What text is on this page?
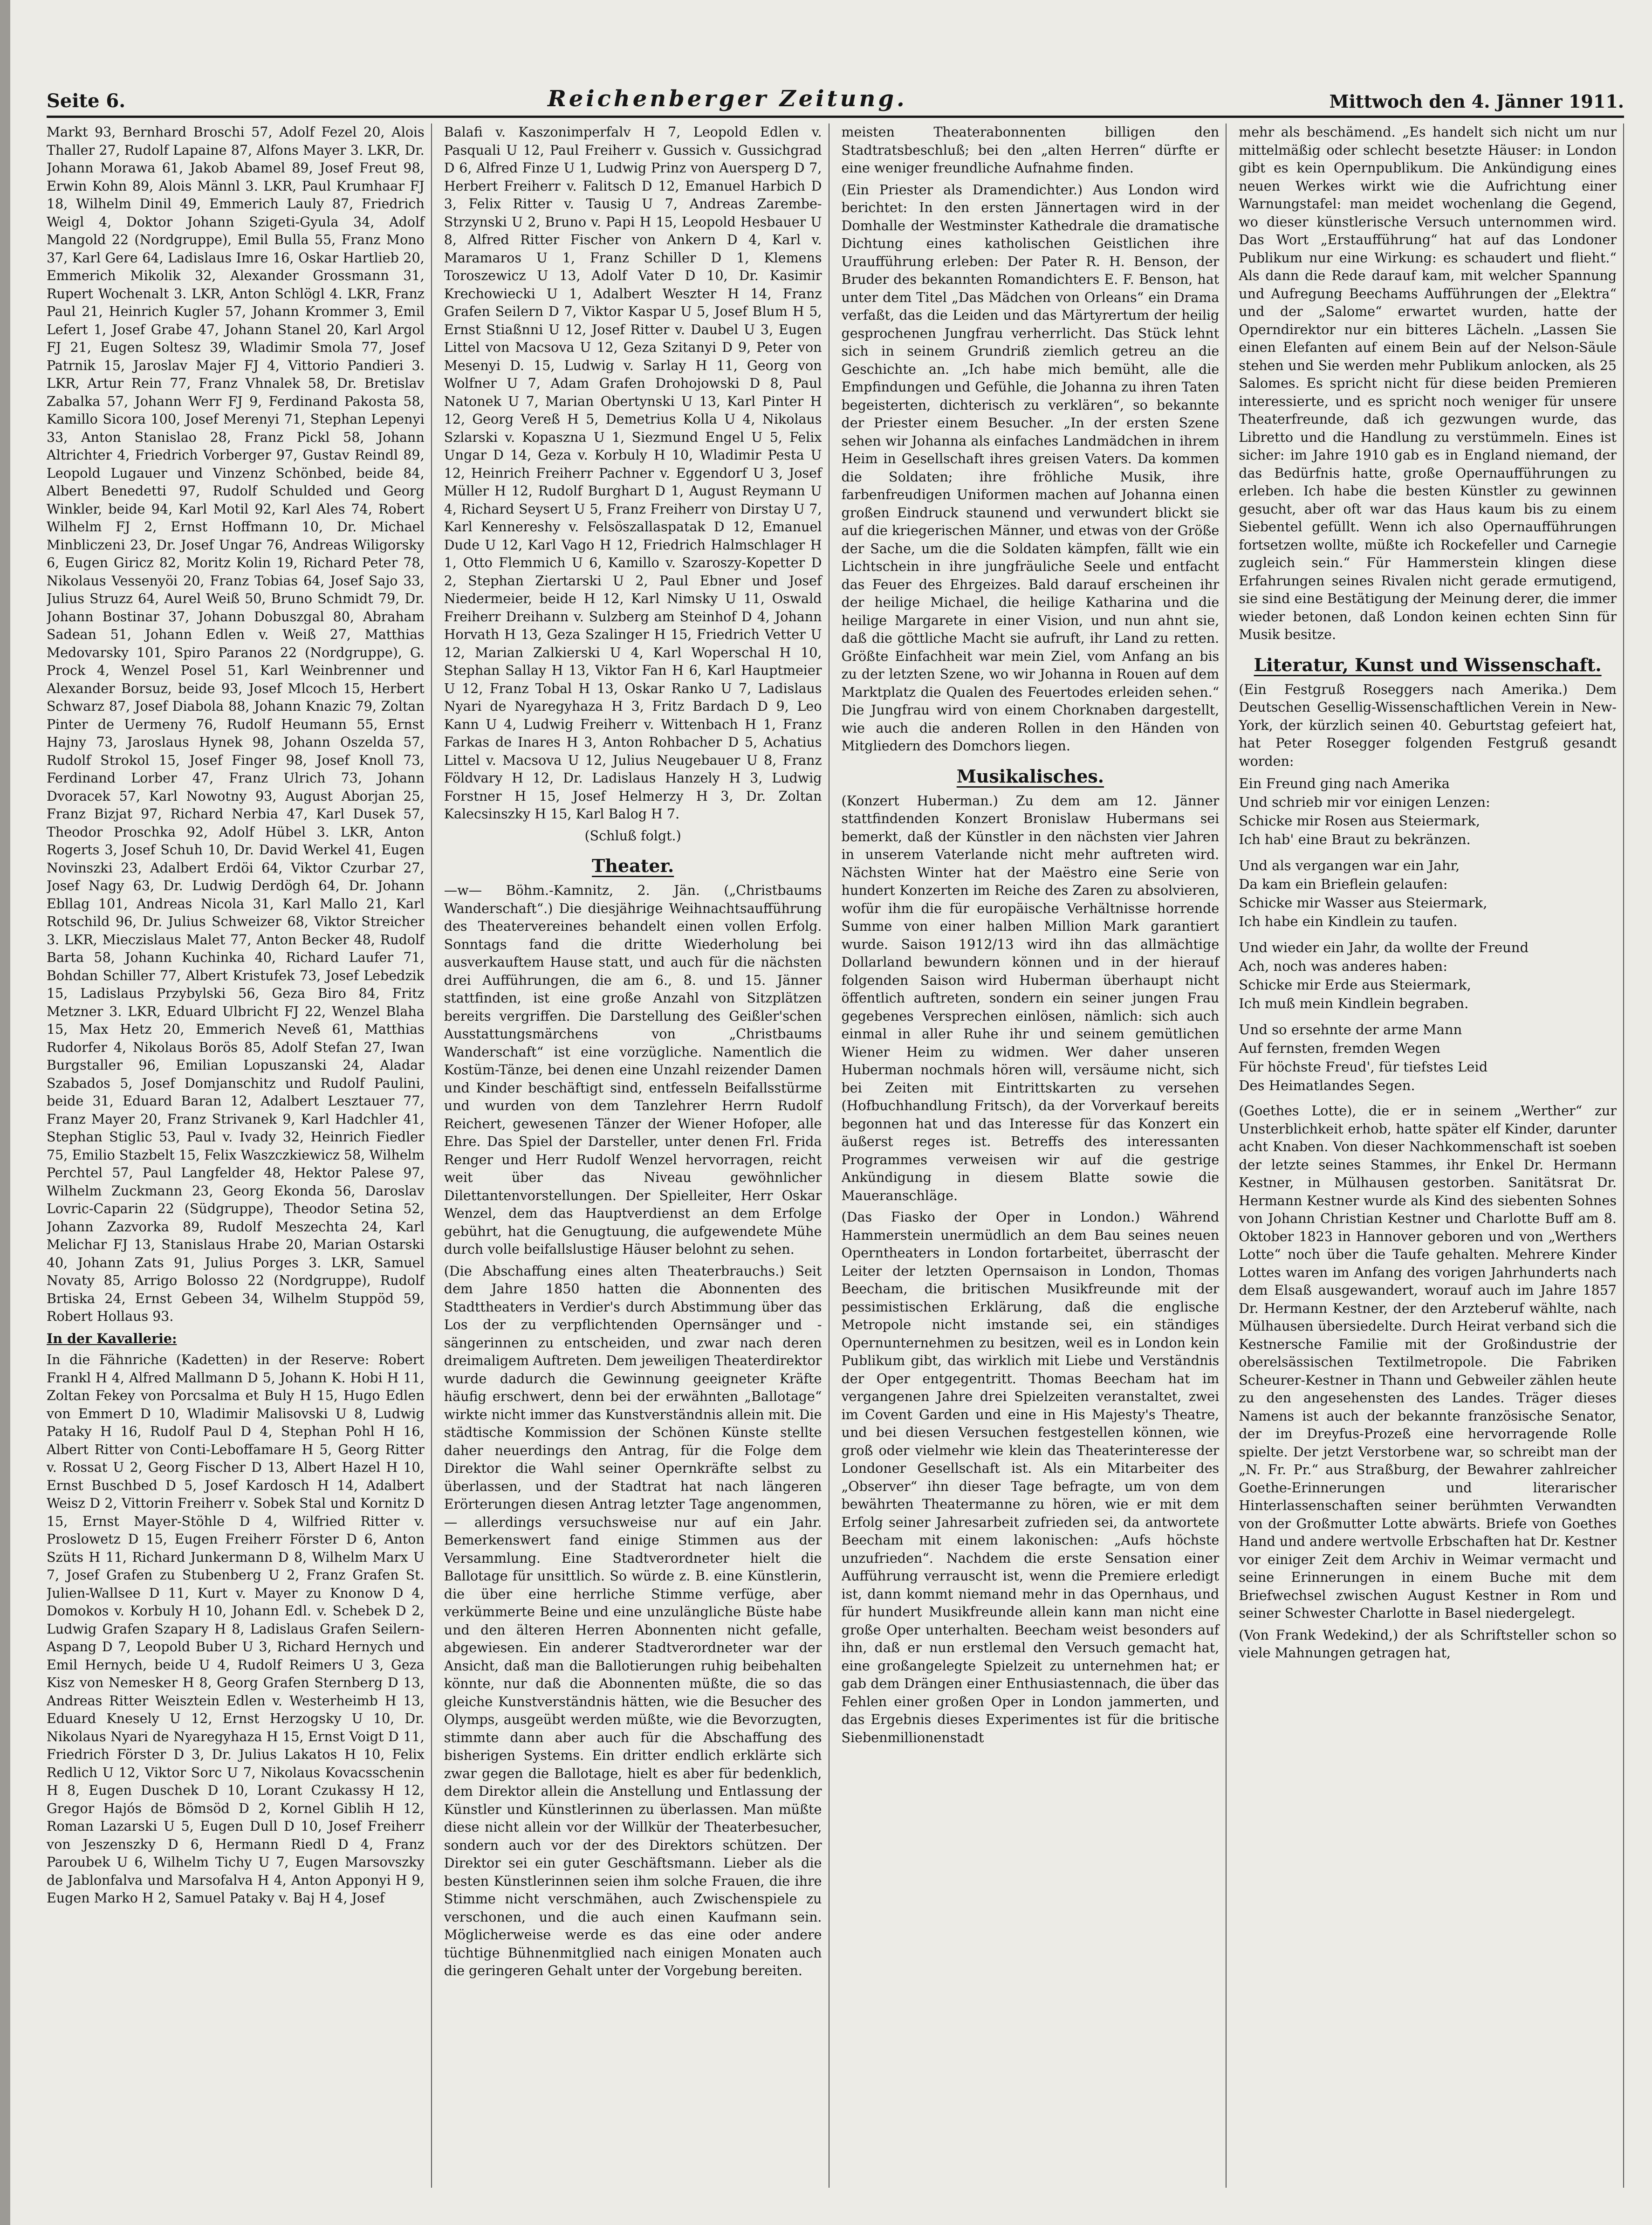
Seite 6.	Reichenberger Zeitung.	Mittwoch den 4. Jänner 1911.

Markt 93, Bernhard Broschi 57, Adolf Fezel 20, Alois Thaller 27, Rudolf Lapaine 87, Alfons Mayer 3. LKR, Dr. Johann Morawa 61, Jakob Abamel 89, Josef Freut 98, Erwin Kohn 89, Alois Männl 3. LKR, Paul Krumhaar FJ 18, Wilhelm Dinil 49, Emmerich Lauly 87, Friedrich Weigl 4, Doktor Johann Szigeti-Gyula 34, Adolf Mangold 22 (Nordgruppe), Emil Bulla 55, Franz Mono 37, Karl Gere 64, Ladislaus Imre 16, Oskar Hartlieb 20, Emmerich Mikolik 32, Alexander Grossmann 31, Rupert Wochenalt 3. LKR, Anton Schlögl 4. LKR, Franz Paul 21, Heinrich Kugler 57, Johann Krommer 3, Emil Lefert 1, Josef Grabe 47, Johann Stanel 20, Karl Argol FJ 21, Eugen Soltesz 39, Wladimir Smola 77, Josef Patrnik 15, Jaroslav Majer FJ 4, Vittorio Pandieri 3. LKR, Artur Rein 77, Franz Vhnalek 58, Dr. Bretislav Zabalka 57, Johann Werr FJ 9, Ferdinand Pakosta 58, Kamillo Sicora 100, Josef Merenyi 71, Stephan Lepenyi 33, Anton Stanislao 28, Franz Pickl 58, Johann Altrichter 4, Friedrich Vorberger 97, Gustav Reindl 89, Leopold Lugauer und Vinzenz Schönbed, beide 84, Albert Benedetti 97, Rudolf Schulded und Georg Winkler, beide 94, Karl Motil 92, Karl Ales 74, Robert Wilhelm FJ 2, Ernst Hoffmann 10, Dr. Michael Minbliczeni 23, Dr. Josef Ungar 76, Andreas Wiligorsky 6, Eugen Giricz 82, Moritz Kolin 19, Richard Peter 78, Nikolaus Vessenyöi 20, Franz Tobias 64, Josef Sajo 33, Julius Struzz 64, Aurel Weiß 50, Bruno Schmidt 79, Dr. Johann Bostinar 37, Johann Dobuszgal 80, Abraham Sadean 51, Johann Edlen v. Weiß 27, Matthias Medovarsky 101, Spiro Paranos 22 (Nordgruppe), G. Prock 4, Wenzel Posel 51, Karl Weinbrenner und Alexander Borsuz, beide 93, Josef Mlcoch 15, Herbert Schwarz 87, Josef Diabola 88, Johann Knazic 79, Zoltan Pinter de Uermeny 76, Rudolf Heumann 55, Ernst Hajny 73, Jaroslaus Hynek 98, Johann Oszelda 57, Rudolf Strokol 15, Josef Finger 98, Josef Knoll 73, Ferdinand Lorber 47, Franz Ulrich 73, Johann Dvoracek 57, Karl Nowotny 93, August Aborjan 25, Franz Bizjat 97, Richard Nerbia 47, Karl Dusek 57, Theodor Proschka 92, Adolf Hübel 3. LKR, Anton Rogerts 3, Josef Schuh 10, Dr. David Werkel 41, Eugen Novinszki 23, Adalbert Erdöi 64, Viktor Czurbar 27, Josef Nagy 63, Dr. Ludwig Derdögh 64, Dr. Johann Ebllag 101, Andreas Nicola 31, Karl Mallo 21, Karl Rotschild 96, Dr. Julius Schweizer 68, Viktor Streicher 3. LKR, Mieczislaus Malet 77, Anton Becker 48, Rudolf Barta 58, Johann Kuchinka 40, Richard Laufer 71, Bohdan Schiller 77, Albert Kristufek 73, Josef Lebedzik 15, Ladislaus Przybylski 56, Geza Biro 84, Fritz Metzner 3. LKR, Eduard Ulbricht FJ 22, Wenzel Blaha 15, Max Hetz 20, Emmerich Neveß 61, Matthias Rudorfer 4, Nikolaus Borös 85, Adolf Stefan 27, Iwan Burgstaller 96, Emilian Lopuszanski 24, Aladar Szabados 5, Josef Domjanschitz und Rudolf Paulini, beide 31, Eduard Baran 12, Adalbert Lesztauer 77, Franz Mayer 20, Franz Strivanek 9, Karl Hadchler 41, Stephan Stiglic 53, Paul v. Ivady 32, Heinrich Fiedler 75, Emilio Stazbelt 15, Felix Waszczkiewicz 58, Wilhelm Perchtel 57, Paul Langfelder 48, Hektor Palese 97, Wilhelm Zuckmann 23, Georg Ekonda 56, Daroslav Lovric-Caparin 22 (Südgruppe), Theodor Setina 52, Johann Zazvorka 89, Rudolf Meszechta 24, Karl Melichar FJ 13, Stanislaus Hrabe 20, Marian Ostarski 40, Johann Zats 91, Julius Porges 3. LKR, Samuel Novaty 85, Arrigo Bolosso 22 (Nordgruppe), Rudolf Brtiska 24, Ernst Gebeen 34, Wilhelm Stuppöd 59, Robert Hollaus 93.

In der Kavallerie:

In die Fähnriche (Kadetten) in der Reserve: Robert Frankl H 4, Alfred Mallmann D 5, Johann K. Hobi H 11, Zoltan Fekey von Porcsalma et Buly H 15, Hugo Edlen von Emmert D 10, Wladimir Malisovski U 8, Ludwig Pataky H 16, Rudolf Paul D 4, Stephan Pohl H 16, Albert Ritter von Conti-Leboffamare H 5, Georg Ritter v. Rossat U 2, Georg Fischer D 13, Albert Hazel H 10, Ernst Buschbed D 5, Josef Kardosch H 14, Adalbert Weisz D 2, Vittorin Freiherr v. Sobek Stal und Kornitz D 15, Ernst Mayer-Stöhle D 4, Wilfried Ritter v. Proslowetz D 15, Eugen Freiherr Förster D 6, Anton Szüts H 11, Richard Junkermann D 8, Wilhelm Marx U 7, Josef Grafen zu Stubenberg U 2, Franz Grafen St. Julien-Wallsee D 11, Kurt v. Mayer zu Knonow D 4, Domokos v. Korbuly H 10, Johann Edl. v. Schebek D 2, Ludwig Grafen Szapary H 8, Ladislaus Grafen Seilern-Aspang D 7, Leopold Buber U 3, Richard Hernych und Emil Hernych, beide U 4, Rudolf Reimers U 3, Geza Kisz von Nemesker H 8, Georg Grafen Sternberg D 13, Andreas Ritter Weisztein Edlen v. Westerheimb H 13, Eduard Knesely U 12, Ernst Herzogsky U 10, Dr. Nikolaus Nyari de Nyaregyhaza H 15, Ernst Voigt D 11, Friedrich Förster D 3, Dr. Julius Lakatos H 10, Felix Redlich U 12, Viktor Sorc U 7, Nikolaus Kovacsschenin H 8, Eugen Duschek D 10, Lorant Czukassy H 12, Gregor Hajós de Bömsöd D 2, Kornel Giblih H 12, Roman Lazarski U 5, Eugen Dull D 10, Josef Freiherr von Jeszenszky D 6, Hermann Riedl D 4, Franz Paroubek U 6, Wilhelm Tichy U 7, Eugen Marsovszky de Jablonfalva und Marsofalva H 4, Anton Apponyi H 9, Eugen Marko H 2, Samuel Pataky v. Baj H 4, Josef

Balafi v. Kaszonimperfalv H 7, Leopold Edlen v. Pasquali U 12, Paul Freiherr v. Gussich v. Gussichgrad D 6, Alfred Finze U 1, Ludwig Prinz von Auersperg D 7, Herbert Freiherr v. Falitsch D 12, Emanuel Harbich D 3, Felix Ritter v. Tausig U 7, Andreas Zarembe-Strzynski U 2, Bruno v. Papi H 15, Leopold Hesbauer U 8, Alfred Ritter Fischer von Ankern D 4, Karl v. Maramaros U 1, Franz Schiller D 1, Klemens Toroszewicz U 13, Adolf Vater D 10, Dr. Kasimir Krechowiecki U 1, Adalbert Weszter H 14, Franz Grafen Seilern D 7, Viktor Kaspar U 5, Josef Blum H 5, Ernst Stiaßnni U 12, Josef Ritter v. Daubel U 3, Eugen Littel von Macsova U 12, Geza Szitanyi D 9, Peter von Mesenyi D. 15, Ludwig v. Sarlay H 11, Georg von Wolfner U 7, Adam Grafen Drohojowski D 8, Paul Natonek U 7, Marian Obertynski U 13, Karl Pinter H 12, Georg Vereß H 5, Demetrius Kolla U 4, Nikolaus Szlarski v. Kopaszna U 1, Siezmund Engel U 5, Felix Ungar D 14, Geza v. Korbuly H 10, Wladimir Pesta U 12, Heinrich Freiherr Pachner v. Eggendorf U 3, Josef Müller H 12, Rudolf Burghart D 1, August Reymann U 4, Richard Seysert U 5, Franz Freiherr von Dirstay U 7, Karl Kennereshy v. Felsöszallaspatak D 12, Emanuel Dude U 12, Karl Vago H 12, Friedrich Halmschlager H 1, Otto Flemmich U 6, Kamillo v. Szaroszy-Kopetter D 2, Stephan Ziertarski U 2, Paul Ebner und Josef Niedermeier, beide H 12, Karl Nimsky U 11, Oswald Freiherr Dreihann v. Sulzberg am Steinhof D 4, Johann Horvath H 13, Geza Szalinger H 15, Friedrich Vetter U 12, Marian Zalkierski U 4, Karl Woperschal H 10, Stephan Sallay H 13, Viktor Fan H 6, Karl Hauptmeier U 12, Franz Tobal H 13, Oskar Ranko U 7, Ladislaus Nyari de Nyaregyhaza H 3, Fritz Bardach D 9, Leo Kann U 4, Ludwig Freiherr v. Wittenbach H 1, Franz Farkas de Inares H 3, Anton Rohbacher D 5, Achatius Littel v. Macsova U 12, Julius Neugebauer U 8, Franz Földvary H 12, Dr. Ladislaus Hanzely H 3, Ludwig Forstner H 15, Josef Helmerzy H 3, Dr. Zoltan Kalecsinszky H 15, Karl Balog H 7.

(Schluß folgt.)

Theater.

—w— Böhm.-Kamnitz, 2. Jän. („Christbaums Wanderschaft“.) Die diesjährige Weihnachtsaufführung des Theatervereines behandelt einen vollen Erfolg. Sonntags fand die dritte Wiederholung bei ausverkauftem Hause statt, und auch für die nächsten drei Aufführungen, die am 6., 8. und 15. Jänner stattfinden, ist eine große Anzahl von Sitzplätzen bereits vergriffen. Die Darstellung des Geißler'schen Ausstattungsmärchens von „Christbaums Wanderschaft“ ist eine vorzügliche. Namentlich die Kostüm-Tänze, bei denen eine Unzahl reizender Damen und Kinder beschäftigt sind, entfesseln Beifallsstürme und wurden von dem Tanzlehrer Herrn Rudolf Reichert, gewesenen Tänzer der Wiener Hofoper, alle Ehre. Das Spiel der Darsteller, unter denen Frl. Frida Renger und Herr Rudolf Wenzel hervorragen, reicht weit über das Niveau gewöhnlicher Dilettantenvorstellungen. Der Spielleiter, Herr Oskar Wenzel, dem das Hauptverdienst an dem Erfolge gebührt, hat die Genugtuung, die aufgewendete Mühe durch volle beifallslustige Häuser belohnt zu sehen.

(Die Abschaffung eines alten Theaterbrauchs.) Seit dem Jahre 1850 hatten die Abonnenten des Stadttheaters in Verdier's durch Abstimmung über das Los der zu verpflichtenden Opernsänger und -sängerinnen zu entscheiden, und zwar nach deren dreimaligem Auftreten. Dem jeweiligen Theaterdirektor wurde dadurch die Gewinnung geeigneter Kräfte häufig erschwert, denn bei der erwähnten „Ballotage“ wirkte nicht immer das Kunstverständnis allein mit. Die städtische Kommission der Schönen Künste stellte daher neuerdings den Antrag, für die Folge dem Direktor die Wahl seiner Opernkräfte selbst zu überlassen, und der Stadtrat hat nach längeren Erörterungen diesen Antrag letzter Tage angenommen, — allerdings versuchsweise nur auf ein Jahr. Bemerkenswert fand einige Stimmen aus der Versammlung. Eine Stadtverordneter hielt die Ballotage für unsittlich. So würde z. B. eine Künstlerin, die über eine herrliche Stimme verfüge, aber verkümmerte Beine und eine unzulängliche Büste habe und den älteren Herren Abonnenten nicht gefalle, abgewiesen. Ein anderer Stadtverordneter war der Ansicht, daß man die Ballotierungen ruhig beibehalten könnte, nur daß die Abonnenten müßte, die so das gleiche Kunstverständnis hätten, wie die Besucher des Olymps, ausgeübt werden müßte, wie die Bevorzugten, stimmte dann aber auch für die Abschaffung des bisherigen Systems. Ein dritter endlich erklärte sich zwar gegen die Ballotage, hielt es aber für bedenklich, dem Direktor allein die Anstellung und Entlassung der Künstler und Künstlerinnen zu überlassen. Man müßte diese nicht allein vor der Willkür der Theaterbesucher, sondern auch vor der des Direktors schützen. Der Direktor sei ein guter Geschäftsmann. Lieber als die besten Künstlerinnen seien ihm solche Frauen, die ihre Stimme nicht verschmähen, auch Zwischenspiele zu verschonen, und die auch einen Kaufmann sein. Möglicherweise werde es das eine oder andere tüchtige Bühnenmitglied nach einigen Monaten auch die geringeren Gehalt unter der Vorgebung bereiten.

meisten Theaterabonnenten billigen den Stadtratsbeschluß; bei den „alten Herren“ dürfte er eine weniger freundliche Aufnahme finden.

(Ein Priester als Dramendichter.) Aus London wird berichtet: In den ersten Jännertagen wird in der Domhalle der Westminster Kathedrale die dramatische Dichtung eines katholischen Geistlichen ihre Uraufführung erleben: Der Pater R. H. Benson, der Bruder des bekannten Romandichters E. F. Benson, hat unter dem Titel „Das Mädchen von Orleans“ ein Drama verfaßt, das die Leiden und das Märtyrertum der heilig gesprochenen Jungfrau verherrlicht. Das Stück lehnt sich in seinem Grundriß ziemlich getreu an die Geschichte an. „Ich habe mich bemüht, alle die Empfindungen und Gefühle, die Johanna zu ihren Taten begeisterten, dichterisch zu verklären“, so bekannte der Priester einem Besucher. „In der ersten Szene sehen wir Johanna als einfaches Landmädchen in ihrem Heim in Gesellschaft ihres greisen Vaters. Da kommen die Soldaten; ihre fröhliche Musik, ihre farbenfreudigen Uniformen machen auf Johanna einen großen Eindruck staunend und verwundert blickt sie auf die kriegerischen Männer, und etwas von der Größe der Sache, um die die Soldaten kämpfen, fällt wie ein Lichtschein in ihre jungfräuliche Seele und entfacht das Feuer des Ehrgeizes. Bald darauf erscheinen ihr der heilige Michael, die heilige Katharina und die heilige Margarete in einer Vision, und nun ahnt sie, daß die göttliche Macht sie aufruft, ihr Land zu retten. Größte Einfachheit war mein Ziel, vom Anfang an bis zu der letzten Szene, wo wir Johanna in Rouen auf dem Marktplatz die Qualen des Feuertodes erleiden sehen.“ Die Jungfrau wird von einem Chorknaben dargestellt, wie auch die anderen Rollen in den Händen von Mitgliedern des Domchors liegen.

Musikalisches.

(Konzert Huberman.) Zu dem am 12. Jänner stattfindenden Konzert Bronislaw Hubermans sei bemerkt, daß der Künstler in den nächsten vier Jahren in unserem Vaterlande nicht mehr auftreten wird. Nächsten Winter hat der Maëstro eine Serie von hundert Konzerten im Reiche des Zaren zu absolvieren, wofür ihm die für europäische Verhältnisse horrende Summe von einer halben Million Mark garantiert wurde. Saison 1912/13 wird ihn das allmächtige Dollarland bewundern können und in der hierauf folgenden Saison wird Huberman überhaupt nicht öffentlich auftreten, sondern ein seiner jungen Frau gegebenes Versprechen einlösen, nämlich: sich auch einmal in aller Ruhe ihr und seinem gemütlichen Wiener Heim zu widmen. Wer daher unseren Huberman nochmals hören will, versäume nicht, sich bei Zeiten mit Eintrittskarten zu versehen (Hofbuchhandlung Fritsch), da der Vorverkauf bereits begonnen hat und das Interesse für das Konzert ein äußerst reges ist. Betreffs des interessanten Programmes verweisen wir auf die gestrige Ankündigung in diesem Blatte sowie die Maueranschläge.

(Das Fiasko der Oper in London.) Während Hammerstein unermüdlich an dem Bau seines neuen Operntheaters in London fortarbeitet, überrascht der Leiter der letzten Opernsaison in London, Thomas Beecham, die britischen Musikfreunde mit der pessimistischen Erklärung, daß die englische Metropole nicht imstande sei, ein ständiges Opernunternehmen zu besitzen, weil es in London kein Publikum gibt, das wirklich mit Liebe und Verständnis der Oper entgegentritt. Thomas Beecham hat im vergangenen Jahre drei Spielzeiten veranstaltet, zwei im Covent Garden und eine in His Majesty's Theatre, und bei diesen Versuchen festgestellen können, wie groß oder vielmehr wie klein das Theaterinteresse der Londoner Gesellschaft ist. Als ein Mitarbeiter des „Observer“ ihn dieser Tage befragte, um von dem bewährten Theatermanne zu hören, wie er mit dem Erfolg seiner Jahresarbeit zufrieden sei, da antwortete Beecham mit einem lakonischen: „Aufs höchste unzufrieden“. Nachdem die erste Sensation einer Aufführung verrauscht ist, wenn die Premiere erledigt ist, dann kommt niemand mehr in das Opernhaus, und für hundert Musikfreunde allein kann man nicht eine große Oper unterhalten. Beecham weist besonders auf ihn, daß er nun erstlemal den Versuch gemacht hat, eine großangelegte Spielzeit zu unternehmen hat; er gab dem Drängen einer Enthusiastennach, die über das Fehlen einer großen Oper in London jammerten, und das Ergebnis dieses Experimentes ist für die britische Siebenmillionenstadt

mehr als beschämend. „Es handelt sich nicht um nur mittelmäßig oder schlecht besetzte Häuser: in London gibt es kein Opernpublikum. Die Ankündigung eines neuen Werkes wirkt wie die Aufrichtung einer Warnungstafel: man meidet wochenlang die Gegend, wo dieser künstlerische Versuch unternommen wird. Das Wort „Erstaufführung“ hat auf das Londoner Publikum nur eine Wirkung: es schaudert und flieht.“ Als dann die Rede darauf kam, mit welcher Spannung und Aufregung Beechams Aufführungen der „Elektra“ und der „Salome“ erwartet wurden, hatte der Operndirektor nur ein bitteres Lächeln. „Lassen Sie einen Elefanten auf einem Bein auf der Nelson-Säule stehen und Sie werden mehr Publikum anlocken, als 25 Salomes. Es spricht nicht für diese beiden Premieren interessierte, und es spricht noch weniger für unsere Theaterfreunde, daß ich gezwungen wurde, das Libretto und die Handlung zu verstümmeln. Eines ist sicher: im Jahre 1910 gab es in England niemand, der das Bedürfnis hatte, große Opernaufführungen zu erleben. Ich habe die besten Künstler zu gewinnen gesucht, aber oft war das Haus kaum bis zu einem Siebentel gefüllt. Wenn ich also Opernaufführungen fortsetzen wollte, müßte ich Rockefeller und Carnegie zugleich sein.“ Für Hammerstein klingen diese Erfahrungen seines Rivalen nicht gerade ermutigend, sie sind eine Bestätigung der Meinung derer, die immer wieder betonen, daß London keinen echten Sinn für Musik besitze.

Literatur, Kunst und Wissenschaft.

(Ein Festgruß Roseggers nach Amerika.) Dem Deutschen Gesellig-Wissenschaftlichen Verein in New-York, der kürzlich seinen 40. Geburtstag gefeiert hat, hat Peter Rosegger folgenden Festgruß gesandt worden:

Ein Freund ging nach Amerika
Und schrieb mir vor einigen Lenzen:
Schicke mir Rosen aus Steiermark,
Ich hab' eine Braut zu bekränzen.
Und als vergangen war ein Jahr,
Da kam ein Brieflein gelaufen:
Schicke mir Wasser aus Steiermark,
Ich habe ein Kindlein zu taufen.
Und wieder ein Jahr, da wollte der Freund
Ach, noch was anderes haben:
Schicke mir Erde aus Steiermark,
Ich muß mein Kindlein begraben.
Und so ersehnte der arme Mann
Auf fernsten, fremden Wegen
Für höchste Freud', für tiefstes Leid
Des Heimatlandes Segen.

(Goethes Lotte), die er in seinem „Werther“ zur Unsterblichkeit erhob, hatte später elf Kinder, darunter acht Knaben. Von dieser Nachkommenschaft ist soeben der letzte seines Stammes, ihr Enkel Dr. Hermann Kestner, in Mülhausen gestorben. Sanitätsrat Dr. Hermann Kestner wurde als Kind des siebenten Sohnes von Johann Christian Kestner und Charlotte Buff am 8. Oktober 1823 in Hannover geboren und von „Werthers Lotte“ noch über die Taufe gehalten. Mehrere Kinder Lottes waren im Anfang des vorigen Jahrhunderts nach dem Elsaß ausgewandert, worauf auch im Jahre 1857 Dr. Hermann Kestner, der den Arzteberuf wählte, nach Mülhausen übersiedelte. Durch Heirat verband sich die Kestnersche Familie mit der Großindustrie der oberelsässischen Textilmetropole. Die Fabriken Scheurer-Kestner in Thann und Gebweiler zählen heute zu den angesehensten des Landes. Träger dieses Namens ist auch der bekannte französische Senator, der im Dreyfus-Prozeß eine hervorragende Rolle spielte. Der jetzt Verstorbene war, so schreibt man der „N. Fr. Pr.“ aus Straßburg, der Bewahrer zahlreicher Goethe-Erinnerungen und literarischer Hinterlassenschaften seiner berühmten Verwandten von der Großmutter Lotte abwärts. Briefe von Goethes Hand und andere wertvolle Erbschaften hat Dr. Kestner vor einiger Zeit dem Archiv in Weimar vermacht und seine Erinnerungen in einem Buche mit dem Briefwechsel zwischen August Kestner in Rom und seiner Schwester Charlotte in Basel niedergelegt.

(Von Frank Wedekind,) der als Schriftsteller schon so viele Mahnungen getragen hat,
